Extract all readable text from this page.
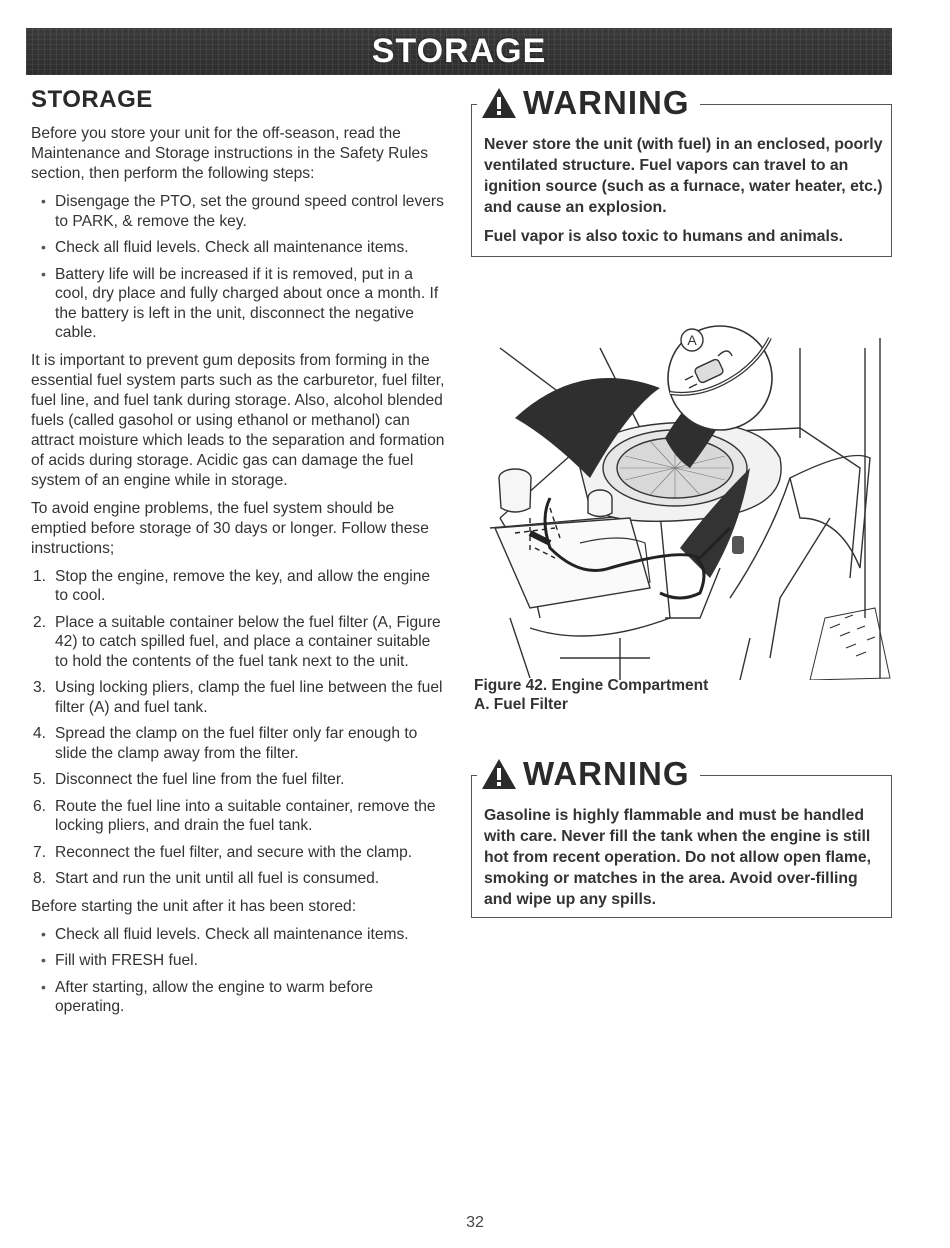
STORAGE
STORAGE

Before you store your unit for the off-season, read the Maintenance and Storage instructions in the Safety Rules section, then perform the following steps:

• Disengage the PTO, set the ground speed control levers to PARK, & remove the key.
• Check all fluid levels. Check all maintenance items.
• Battery life will be increased if it is removed, put in a cool, dry place and fully charged about once a month. If the battery is left in the unit, disconnect the negative cable.

It is important to prevent gum deposits from forming in the essential fuel system parts such as the carburetor, fuel filter, fuel line, and fuel tank during storage. Also, alcohol blended fuels (called gasohol or using ethanol or methanol) can attract moisture which leads to the separation and formation of acids during storage. Acidic gas can damage the fuel system of an engine while in storage.

To avoid engine problems, the fuel system should be emptied before storage of 30 days or longer. Follow these instructions;

1. Stop the engine, remove the key, and allow the engine to cool.
2. Place a suitable container below the fuel filter (A, Figure 42) to catch spilled fuel, and place a container suitable to hold the contents of the fuel tank next to the unit.
3. Using locking pliers, clamp the fuel line between the fuel filter (A) and fuel tank.
4. Spread the clamp on the fuel filter only far enough to slide the clamp away from the filter.
5. Disconnect the fuel line from the fuel filter.
6. Route the fuel line into a suitable container, remove the locking pliers, and drain the fuel tank.
7. Reconnect the fuel filter, and secure with the clamp.
8. Start and run the unit until all fuel is consumed.

Before starting the unit after it has been stored:

• Check all fluid levels. Check all maintenance items.
• Fill with FRESH fuel.
• After starting, allow the engine to warm before operating.
WARNING

Never store the unit (with fuel) in an enclosed, poorly ventilated structure. Fuel vapors can travel to an ignition source (such as a furnace, water heater, etc.) and cause an explosion.

Fuel vapor is also toxic to humans and animals.

A
Figure 42. Engine Compartment
A. Fuel Filter
WARNING

Gasoline is highly flammable and must be handled with care. Never fill the tank when the engine is still hot from recent operation. Do not allow open flame, smoking or matches in the area. Avoid over-filling and wipe up any spills.

32
